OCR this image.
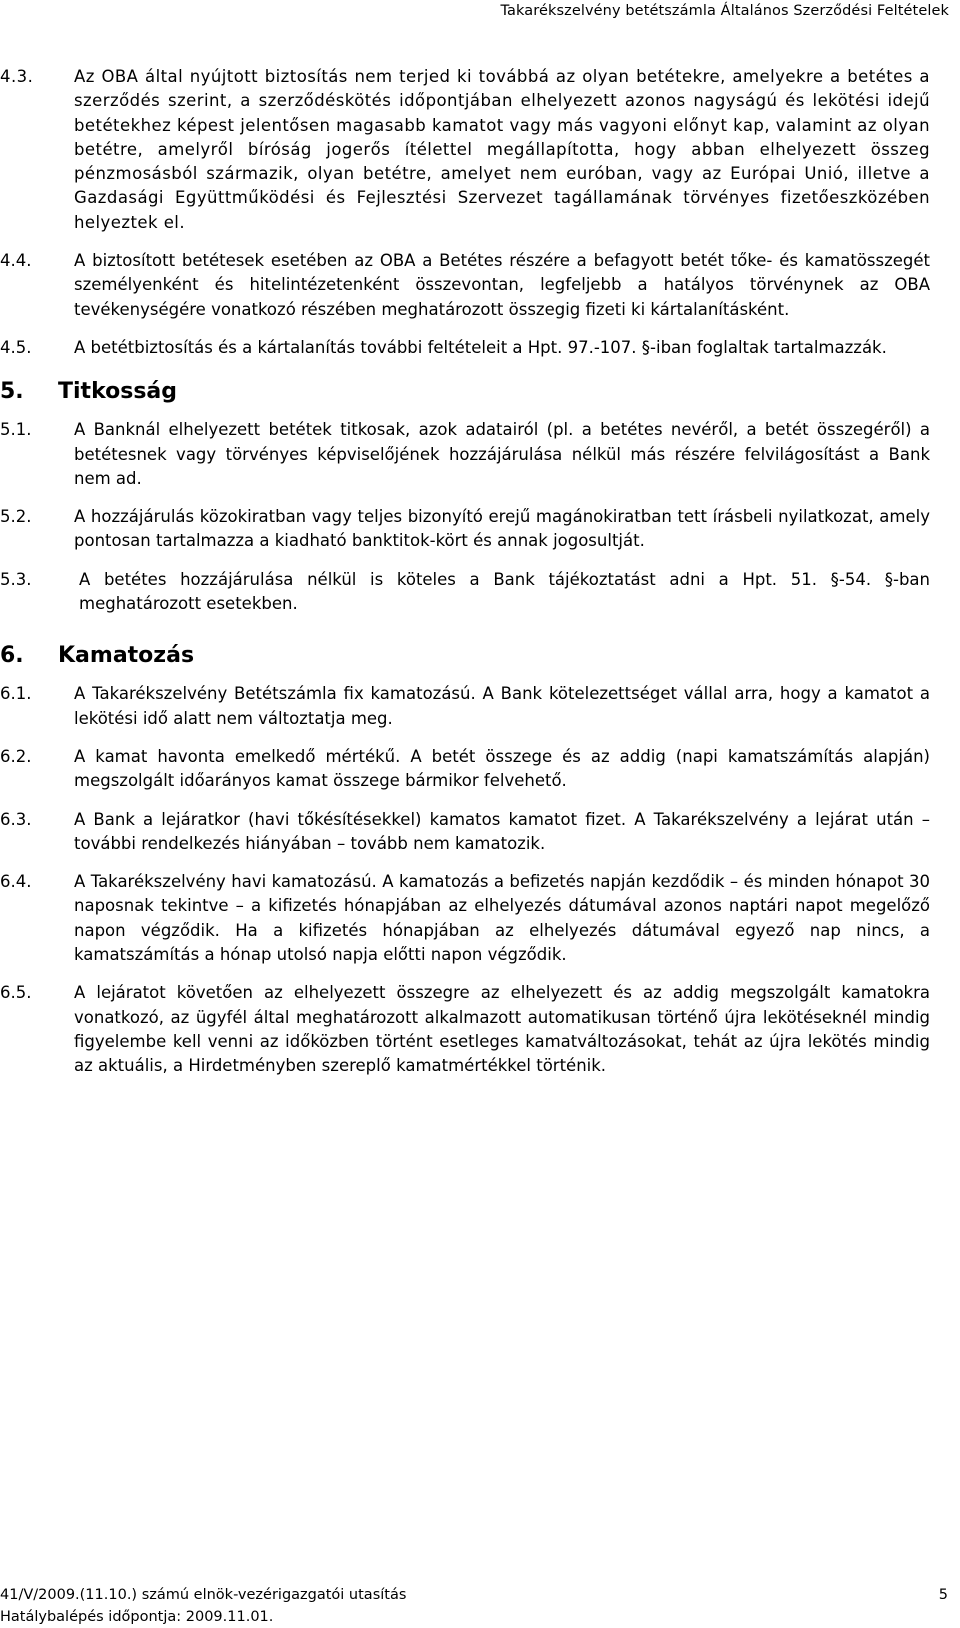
Takarékszelvény betétszámla Általános Szerződési Feltételek
4.3.	Az OBA által nyújtott biztosítás nem terjed ki továbbá az olyan betétekre, amelyekre a betétes a szerződés szerint, a szerződéskötés időpontjában elhelyezett azonos nagyságú és lekötési idejű betétekhez képest jelentősen magasabb kamatot vagy más vagyoni előnyt kap, valamint az olyan betétre, amelyről bíróság jogerős ítélettel megállapította, hogy abban elhelyezett összeg pénzmosásból származik, olyan betétre, amelyet nem euróban, vagy az Európai Unió, illetve a Gazdasági Együttműködési és Fejlesztési Szervezet tagállamának törvényes fizetőeszközében helyeztek el.
4.4.	A biztosított betétesek esetében az OBA a Betétes részére a befagyott betét tőke- és kamatösszegét személyenként és hitelintézetenként összevontan, legfeljebb a hatályos törvénynek az OBA tevékenységére vonatkozó részében meghatározott összegig fizeti ki kártalanításként.
4.5.	A betétbiztosítás és a kártalanítás további feltételeit a Hpt. 97.-107. §-iban foglaltak tartalmazzák.
5. Titkosság
5.1.	A Banknál elhelyezett betétek titkosak, azok adatairól (pl. a betétes nevéről, a betét összegéről) a betétesnek vagy törvényes képviselőjének hozzájárulása nélkül más részére felvilágosítást a Bank nem ad.
5.2.	A hozzájárulás közokiratban vagy teljes bizonyító erejű magánokiratban tett írásbeli nyilatkozat, amely pontosan tartalmazza a kiadható banktitok-kört és annak jogosultját.
5.3.	A betétes hozzájárulása nélkül is köteles a Bank tájékoztatást adni a Hpt. 51. §-54. §-ban meghatározott esetekben.
6. Kamatozás
6.1.	A Takarékszelvény Betétszámla fix kamatozású. A Bank kötelezettséget vállal arra, hogy a kamatot a lekötési idő alatt nem változtatja meg.
6.2.	A kamat havonta emelkedő mértékű. A betét összege és az addig (napi kamatszámítás alapján) megszolgált időarányos kamat összege bármikor felvehető.
6.3.	A Bank a lejáratkor (havi tőkésítésekkel) kamatos kamatot fizet. A Takarékszelvény a lejárat után – további rendelkezés hiányában – tovább nem kamatozik.
6.4.	A Takarékszelvény havi kamatozású. A kamatozás a befizetés napján kezdődik – és minden hónapot 30 naposnak tekintve – a kifizetés hónapjában az elhelyezés dátumával azonos naptári napot megelőző napon végződik. Ha a kifizetés hónapjában az elhelyezés dátumával egyező nap nincs, a kamatszámítás a hónap utolsó napja előtti napon végződik.
6.5.	A lejáratot követően az elhelyezett összegre az elhelyezett és az addig megszolgált kamatokra vonatkozó, az ügyfél által meghatározott alkalmazott automatikusan történő újra lekötéseknél mindig figyelembe kell venni az időközben történt esetleges kamatváltozásokat, tehát az újra lekötés mindig az aktuális, a Hirdetményben szereplő kamatmértékkel történik.
41/V/2009.(11.10.) számú elnök-vezérigazgatói utasítás
Hatálybalépés időpontja: 2009.11.01.
5
